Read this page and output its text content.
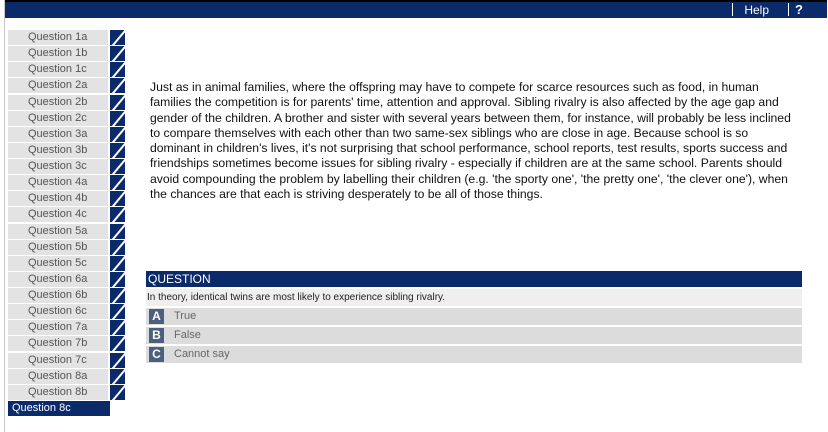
Help ?
Question 1a
Question 1b
Question 1c
Question 2a
Question 2b
Question 2c
Question 3a
Question 3b
Question 3c
Question 4a
Question 4b
Question 4c
Question 5a
Question 5b
Question 5c
Question 6a
Question 6b
Question 6c
Question 7a
Question 7b
Question 7c
Question 8a
Question 8b
Question 8c
Just as in animal families, where the offspring may have to compete for scarce resources such as food, in human families the competition is for parents' time, attention and approval. Sibling rivalry is also affected by the age gap and gender of the children. A brother and sister with several years between them, for instance, will probably be less inclined to compare themselves with each other than two same-sex siblings who are close in age. Because school is so dominant in children's lives, it's not surprising that school performance, school reports, test results, sports success and friendships sometimes become issues for sibling rivalry - especially if children are at the same school. Parents should avoid compounding the problem by labelling their children (e.g. 'the sporty one', 'the pretty one', 'the clever one'), when the chances are that each is striving desperately to be all of those things.
QUESTION
In theory, identical twins are most likely to experience sibling rivalry.
A True
B False
C Cannot say
